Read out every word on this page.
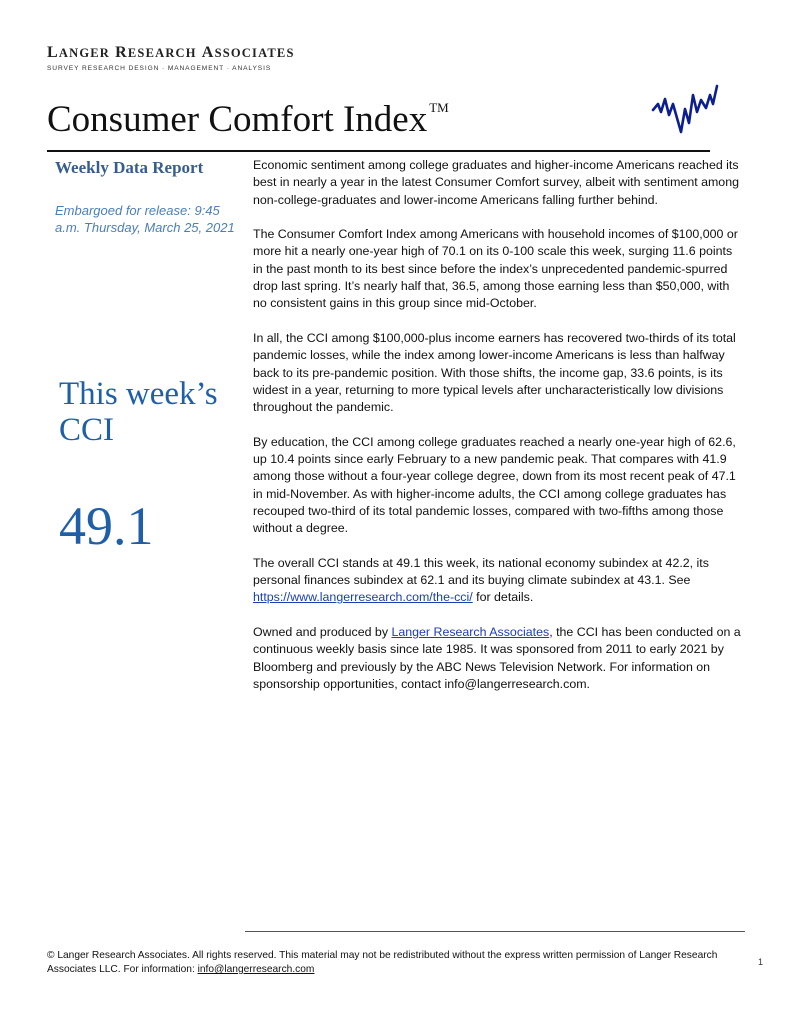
LANGER RESEARCH ASSOCIATES
SURVEY RESEARCH DESIGN · MANAGEMENT · ANALYSIS
Consumer Comfort Index ™
Weekly Data Report
Embargoed for release: 9:45 a.m. Thursday, March 25, 2021
This week’s CCI
49.1

Economic sentiment among college graduates and higher-income Americans reached its best in nearly a year in the latest Consumer Comfort survey, albeit with sentiment among non-college-graduates and lower-income Americans falling further behind.

The Consumer Comfort Index among Americans with household incomes of $100,000 or more hit a nearly one-year high of 70.1 on its 0-100 scale this week, surging 11.6 points in the past month to its best since before the index’s unprecedented pandemic-spurred drop last spring. It’s nearly half that, 36.5, among those earning less than $50,000, with no consistent gains in this group since mid-October.

In all, the CCI among $100,000-plus income earners has recovered two-thirds of its total pandemic losses, while the index among lower-income Americans is less than halfway back to its pre-pandemic position. With those shifts, the income gap, 33.6 points, is its widest in a year, returning to more typical levels after uncharacteristically low divisions throughout the pandemic.

By education, the CCI among college graduates reached a nearly one-year high of 62.6, up 10.4 points since early February to a new pandemic peak. That compares with 41.9 among those without a four-year college degree, down from its most recent peak of 47.1 in mid-November. As with higher-income adults, the CCI among college graduates has recouped two-third of its total pandemic losses, compared with two-fifths among those without a degree.

The overall CCI stands at 49.1 this week, its national economy subindex at 42.2, its personal finances subindex at 62.1 and its buying climate subindex at 43.1. See https://www.langerresearch.com/the-cci/ for details.

Owned and produced by Langer Research Associates, the CCI has been conducted on a continuous weekly basis since late 1985. It was sponsored from 2011 to early 2021 by Bloomberg and previously by the ABC News Television Network. For information on sponsorship opportunities, contact info@langerresearch.com.

© Langer Research Associates. All rights reserved. This material may not be redistributed without the express written permission of Langer Research Associates LLC. For information: info@langerresearch.com
1
